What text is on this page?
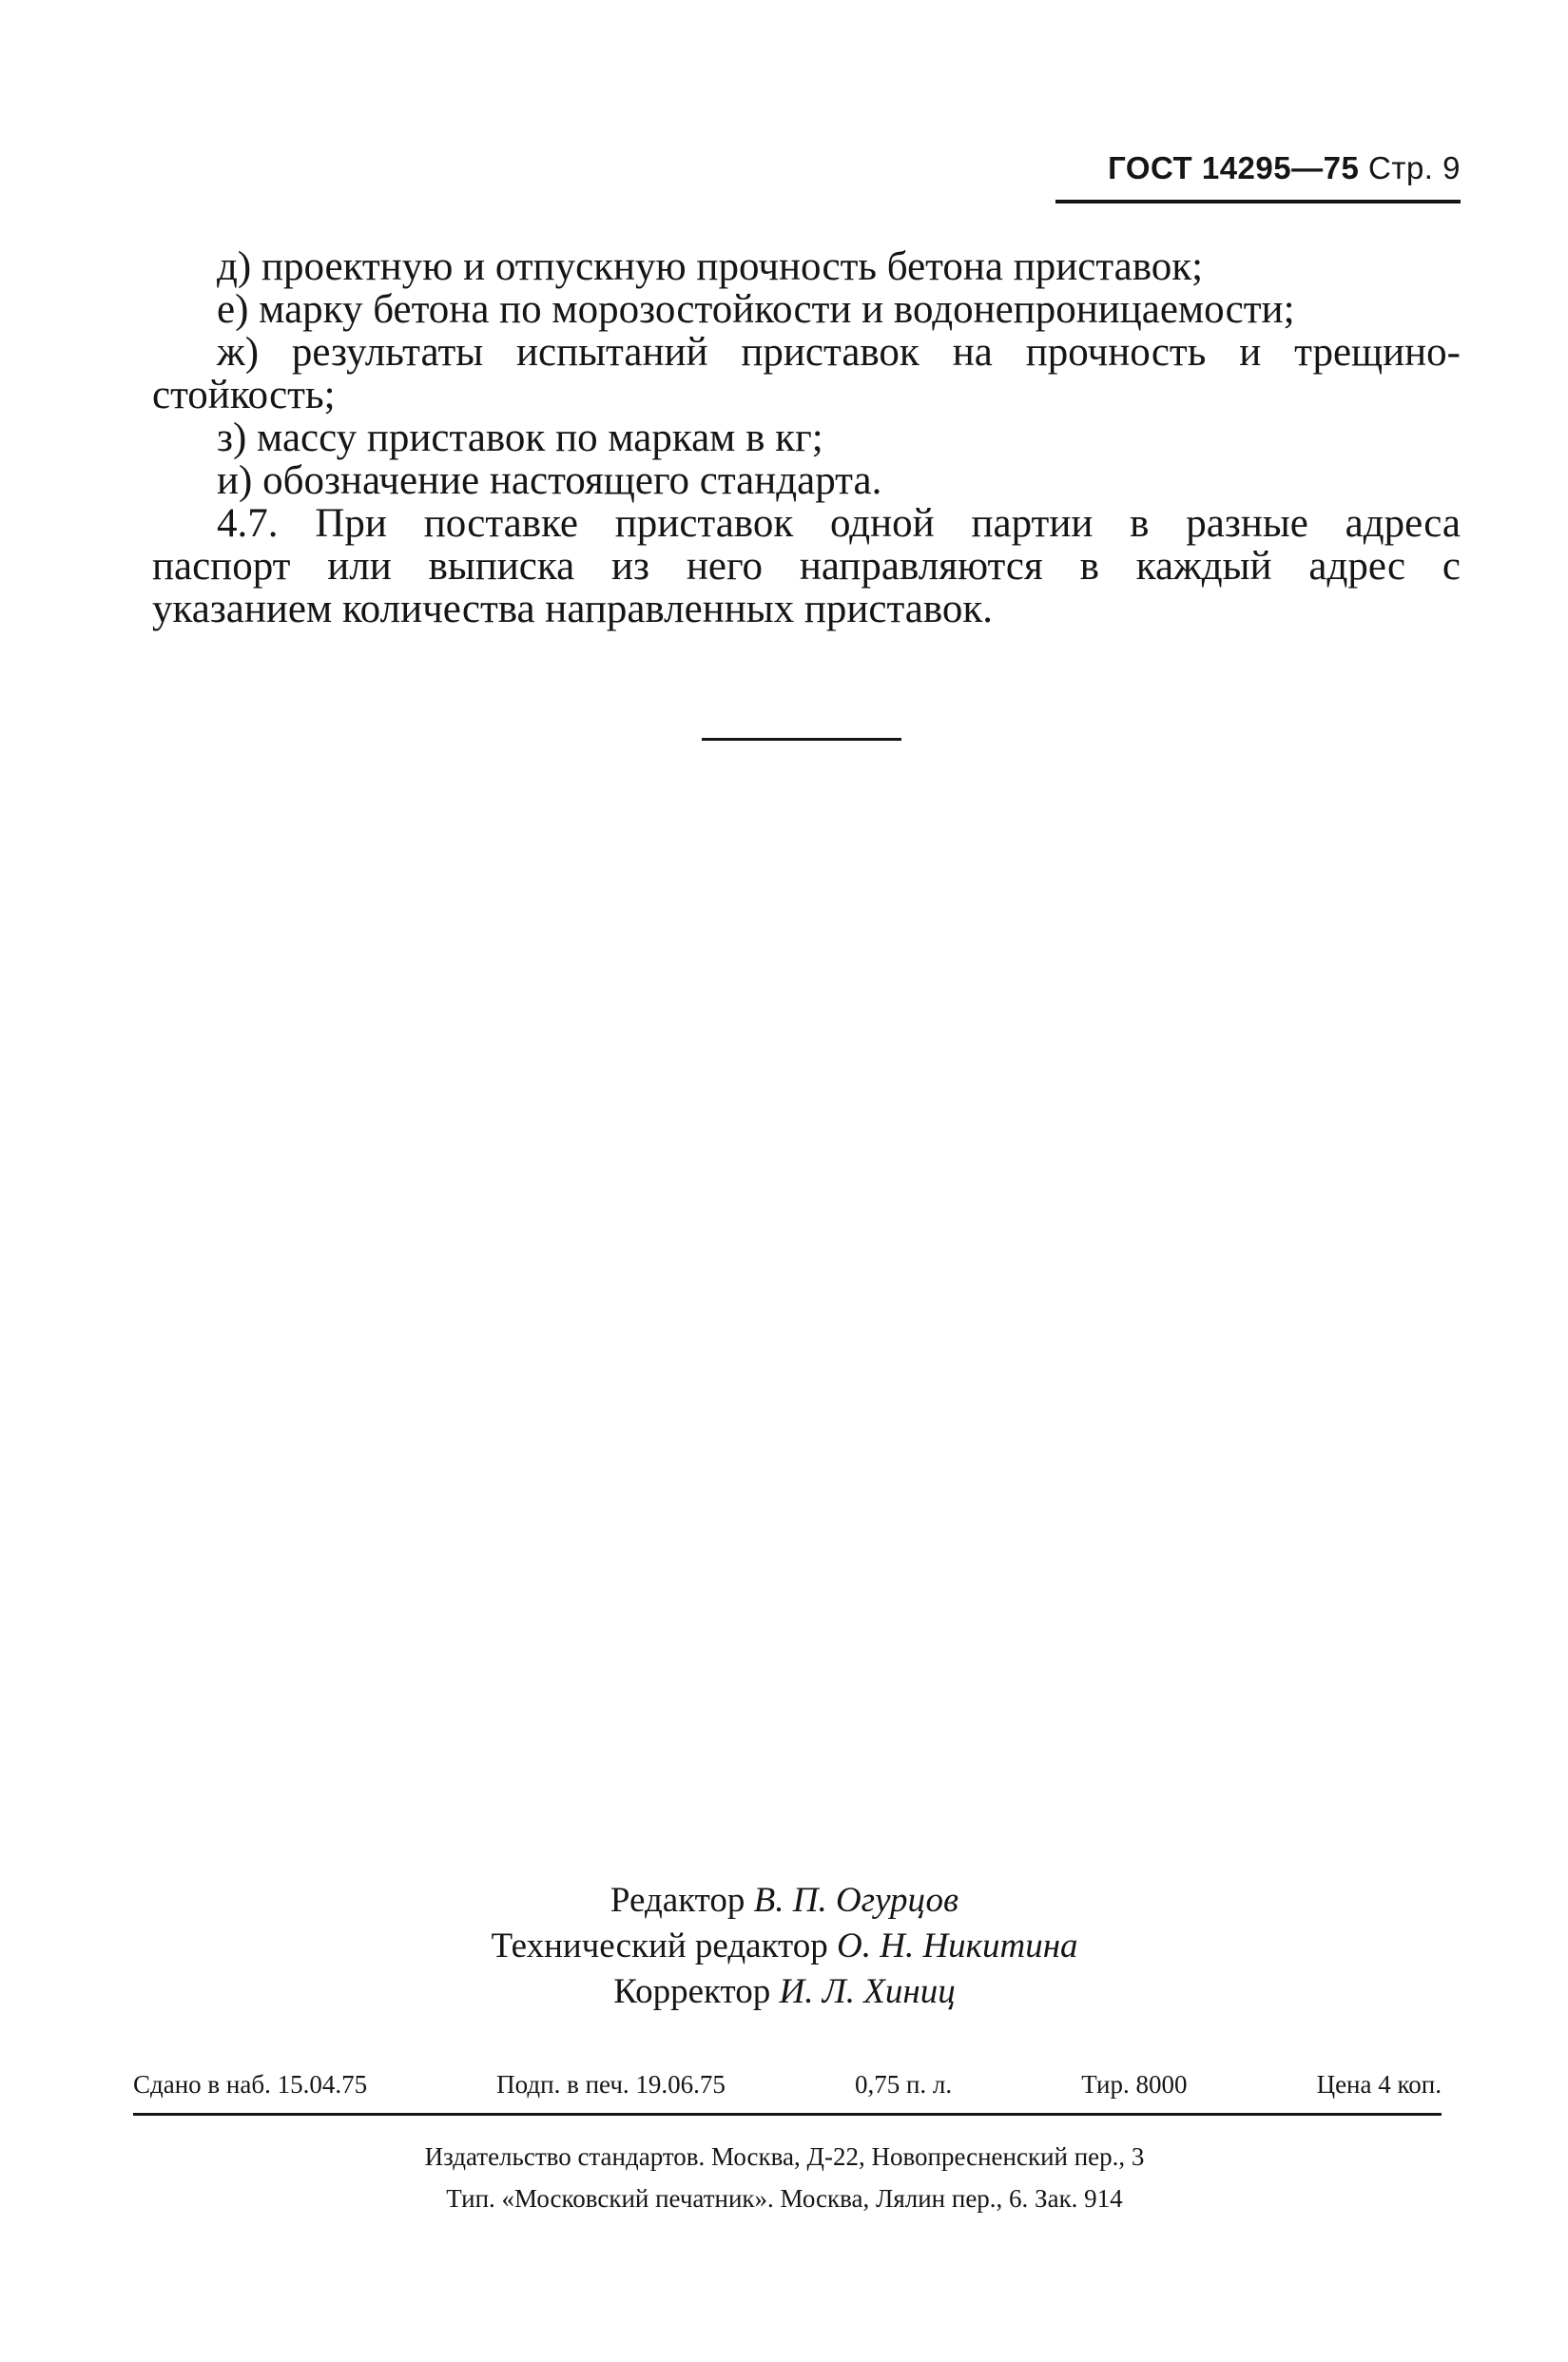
ГОСТ 14295—75 Стр. 9
д) проектную и отпускную прочность бетона приставок;
е) марку бетона по морозостойкости и водонепроницаемости;
ж) результаты испытаний приставок на прочность и трещино-
стойкость;
з) массу приставок по маркам в кг;
и) обозначение настоящего стандарта.
4.7. При поставке приставок одной партии в разные адреса
паспорт или выписка из него направляются в каждый адрес с
указанием количества направленных приставок.
Редактор В. П. Огурцов
Технический редактор О. Н. Никитина
Корректор И. Л. Хиниц
Сдано в наб. 15.04.75	Подп. в печ. 19.06.75	0,75 п. л.	Тир. 8000	Цена 4 коп.
Издательство стандартов. Москва, Д-22, Новопресненский пер., 3
Тип. «Московский печатник». Москва, Лялин пер., 6. Зак. 914
